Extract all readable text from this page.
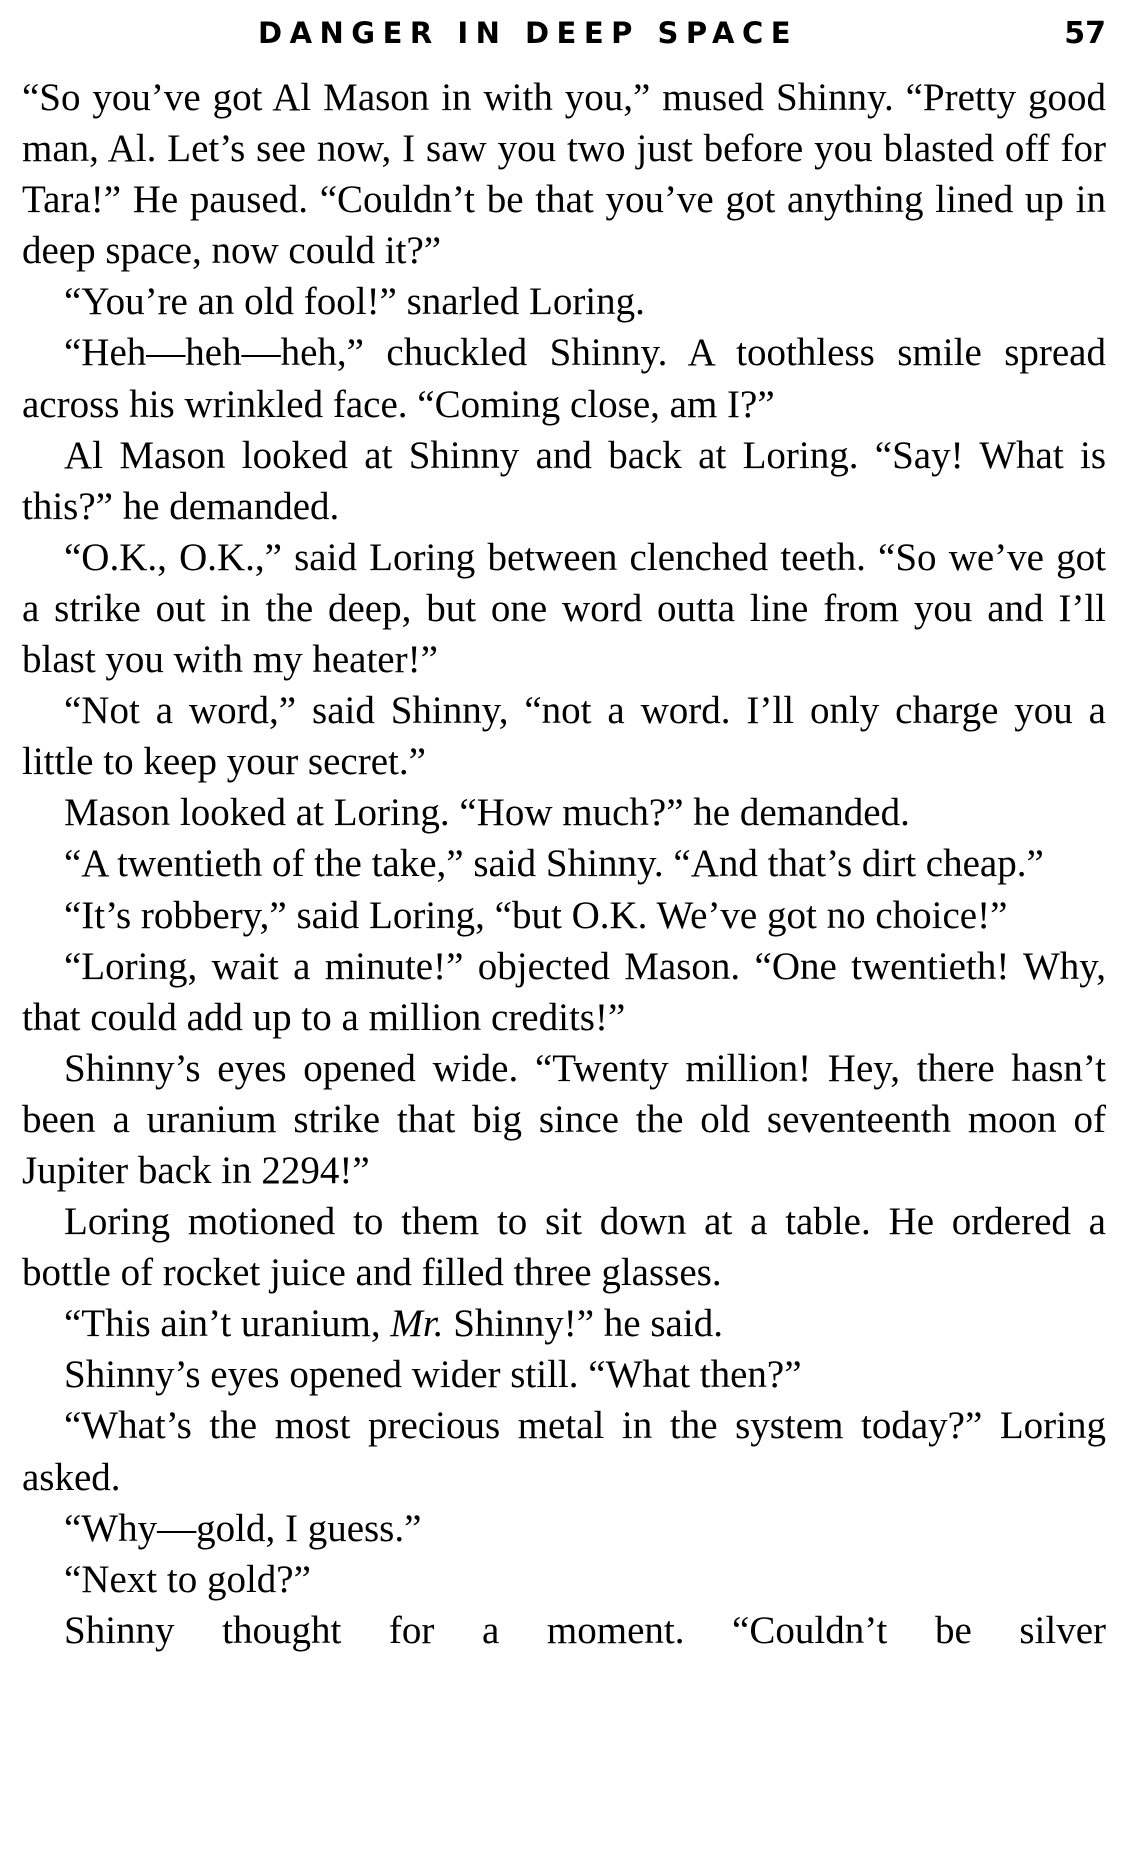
DANGER IN DEEP SPACE	57

“So you’ve got Al Mason in with you,” mused Shinny. “Pretty good man, Al. Let’s see now, I saw you two just before you blasted off for Tara!” He paused. “Couldn’t be that you’ve got anything lined up in deep space, now could it?”

“You’re an old fool!” snarled Loring.

“Heh—heh—heh,” chuckled Shinny. A toothless smile spread across his wrinkled face. “Coming close, am I?”

Al Mason looked at Shinny and back at Loring. “Say! What is this?” he demanded.

“O.K., O.K.,” said Loring between clenched teeth. “So we’ve got a strike out in the deep, but one word outta line from you and I’ll blast you with my heater!”

“Not a word,” said Shinny, “not a word. I’ll only charge you a little to keep your secret.”

Mason looked at Loring. “How much?” he demanded.

“A twentieth of the take,” said Shinny. “And that’s dirt cheap.”

“It’s robbery,” said Loring, “but O.K. We’ve got no choice!”

“Loring, wait a minute!” objected Mason. “One twentieth! Why, that could add up to a million credits!”

Shinny’s eyes opened wide. “Twenty million! Hey, there hasn’t been a uranium strike that big since the old seventeenth moon of Jupiter back in 2294!”

Loring motioned to them to sit down at a table. He ordered a bottle of rocket juice and filled three glasses.

“This ain’t uranium, Mr. Shinny!” he said.

Shinny’s eyes opened wider still. “What then?”

“What’s the most precious metal in the system today?” Loring asked.

“Why—gold, I guess.”

“Next to gold?”

Shinny thought for a moment. “Couldn’t be silver
